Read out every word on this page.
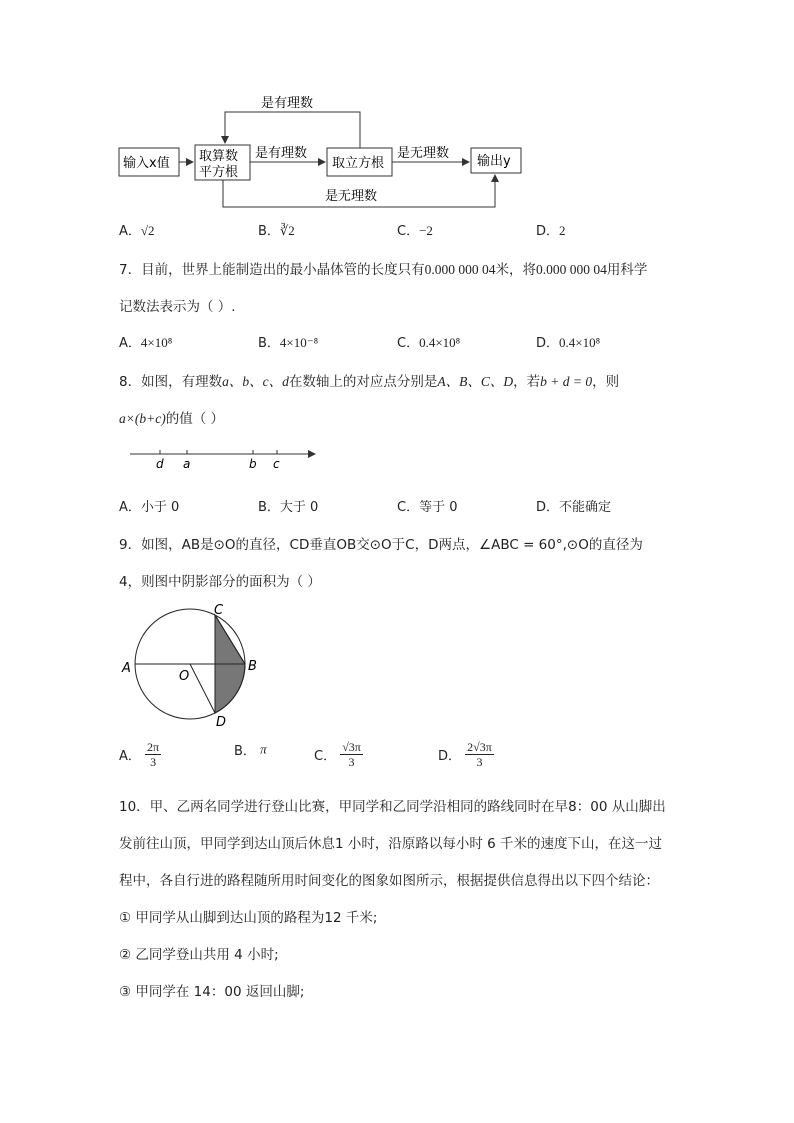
输入x值 取算数
平方根
取立方根	输出y
是有理数
是有理数	是无理数
是无理数
A．√2	B．∛2	C．−2	D．2
7．目前，世界上能制造出的最小晶体管的长度只有0.000 000 04米，将0.000 000 04用科学
记数法表示为（ ）.
A．4×10⁸	B．4×10⁻⁸	C．0.4×10⁸	D．0.4×10⁸
8．如图，有理数a、b、c、d在数轴上的对应点分别是A、B、C、D，若b + d = 0，则
a×(b+c)的值（ ）
d a	b c
A．小于 0	B．大于 0	C．等于 0	D．不能确定
9．如图，AB是⊙O的直径，CD垂直OB交⊙O于C，D两点，∠ABC = 60°,⊙O的直径为
4，则图中阴影部分的面积为（ ）
A	B
C
D
O
A． $\frac{2\pi}{3}$	B． π	C． $\frac{√3\pi}{3}$	D． $\frac{2√3\pi}{3}$
10．甲、乙两名同学进行登山比赛，甲同学和乙同学沿相同的路线同时在早8：00 从山脚出
发前往山顶，甲同学到达山顶后休息1 小时，沿原路以每小时 6 千米的速度下山，在这一过
程中，各自行进的路程随所用时间变化的图象如图所示，根据提供信息得出以下四个结论：
① 甲同学从山脚到达山顶的路程为12 千米;
② 乙同学登山共用 4 小时;
③ 甲同学在 14：00 返回山脚;
